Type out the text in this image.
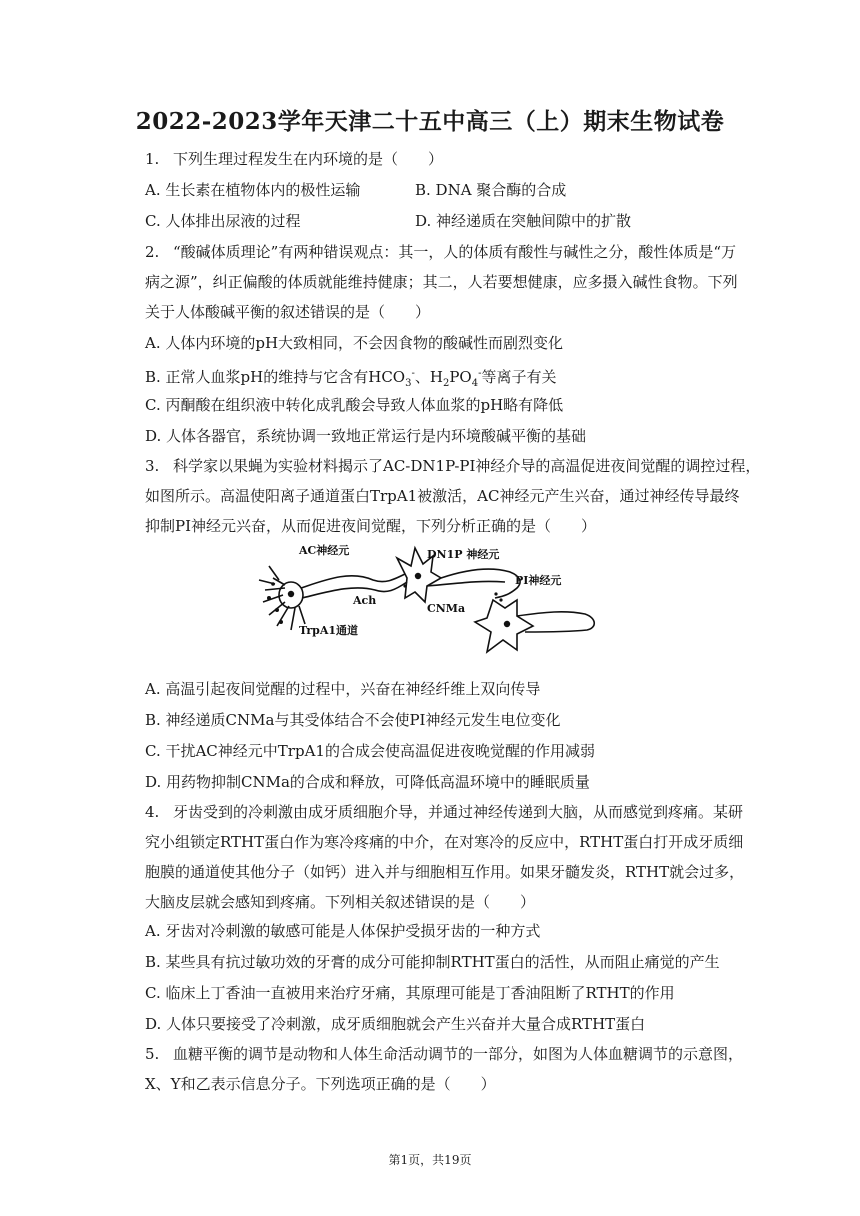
2022-2023学年天津二十五中高三（上）期末生物试卷
1. 下列生理过程发生在内环境的是（　　）
A. 生长素在植物体内的极性运输	B. DNA 聚合酶的合成
C. 人体排出尿液的过程	D. 神经递质在突触间隙中的扩散
2. “酸碱体质理论”有两种错误观点：其一，人的体质有酸性与碱性之分，酸性体质是“万
病之源”，纠正偏酸的体质就能维持健康；其二，人若要想健康，应多摄入碱性食物。下列
关于人体酸碱平衡的叙述错误的是（　　）
A. 人体内环境的pH大致相同，不会因食物的酸碱性而剧烈变化
B. 正常人血浆pH的维持与它含有$HCO_3^-$、$H_2PO_4^-$等离子有关
C. 丙酮酸在组织液中转化成乳酸会导致人体血浆的pH略有降低
D. 人体各器官，系统协调一致地正常运行是内环境酸碱平衡的基础
3. 科学家以果蝇为实验材料揭示了AC-DN1P-PI神经介导的高温促进夜间觉醒的调控过程，
如图所示。高温使阳离子通道蛋白TrpA1被激活，AC神经元产生兴奋，通过神经传导最终
抑制PI神经元兴奋，从而促进夜间觉醒，下列分析正确的是（　　）
AC神经元	DN1P 神经元
PI神经元
Ach
CNMa
TrpA1通道
A. 高温引起夜间觉醒的过程中，兴奋在神经纤维上双向传导
B. 神经递质CNMa与其受体结合不会使PI神经元发生电位变化
C. 干扰AC神经元中TrpA1的合成会使高温促进夜晚觉醒的作用减弱
D. 用药物抑制CNMa的合成和释放，可降低高温环境中的睡眠质量
4. 牙齿受到的冷刺激由成牙质细胞介导，并通过神经传递到大脑，从而感觉到疼痛。某研
究小组锁定RTHT蛋白作为寒冷疼痛的中介，在对寒冷的反应中，RTHT蛋白打开成牙质细
胞膜的通道使其他分子（如钙）进入并与细胞相互作用。如果牙髓发炎，RTHT就会过多，
大脑皮层就会感知到疼痛。下列相关叙述错误的是（　　）
A. 牙齿对冷刺激的敏感可能是人体保护受损牙齿的一种方式
B. 某些具有抗过敏功效的牙膏的成分可能抑制RTHT蛋白的活性，从而阻止痛觉的产生
C. 临床上丁香油一直被用来治疗牙痛，其原理可能是丁香油阻断了RTHT的作用
D. 人体只要接受了冷刺激，成牙质细胞就会产生兴奋并大量合成RTHT蛋白
5. 血糖平衡的调节是动物和人体生命活动调节的一部分，如图为人体血糖调节的示意图，
X、Y和乙表示信息分子。下列选项正确的是（　　）
第1页，共19页
